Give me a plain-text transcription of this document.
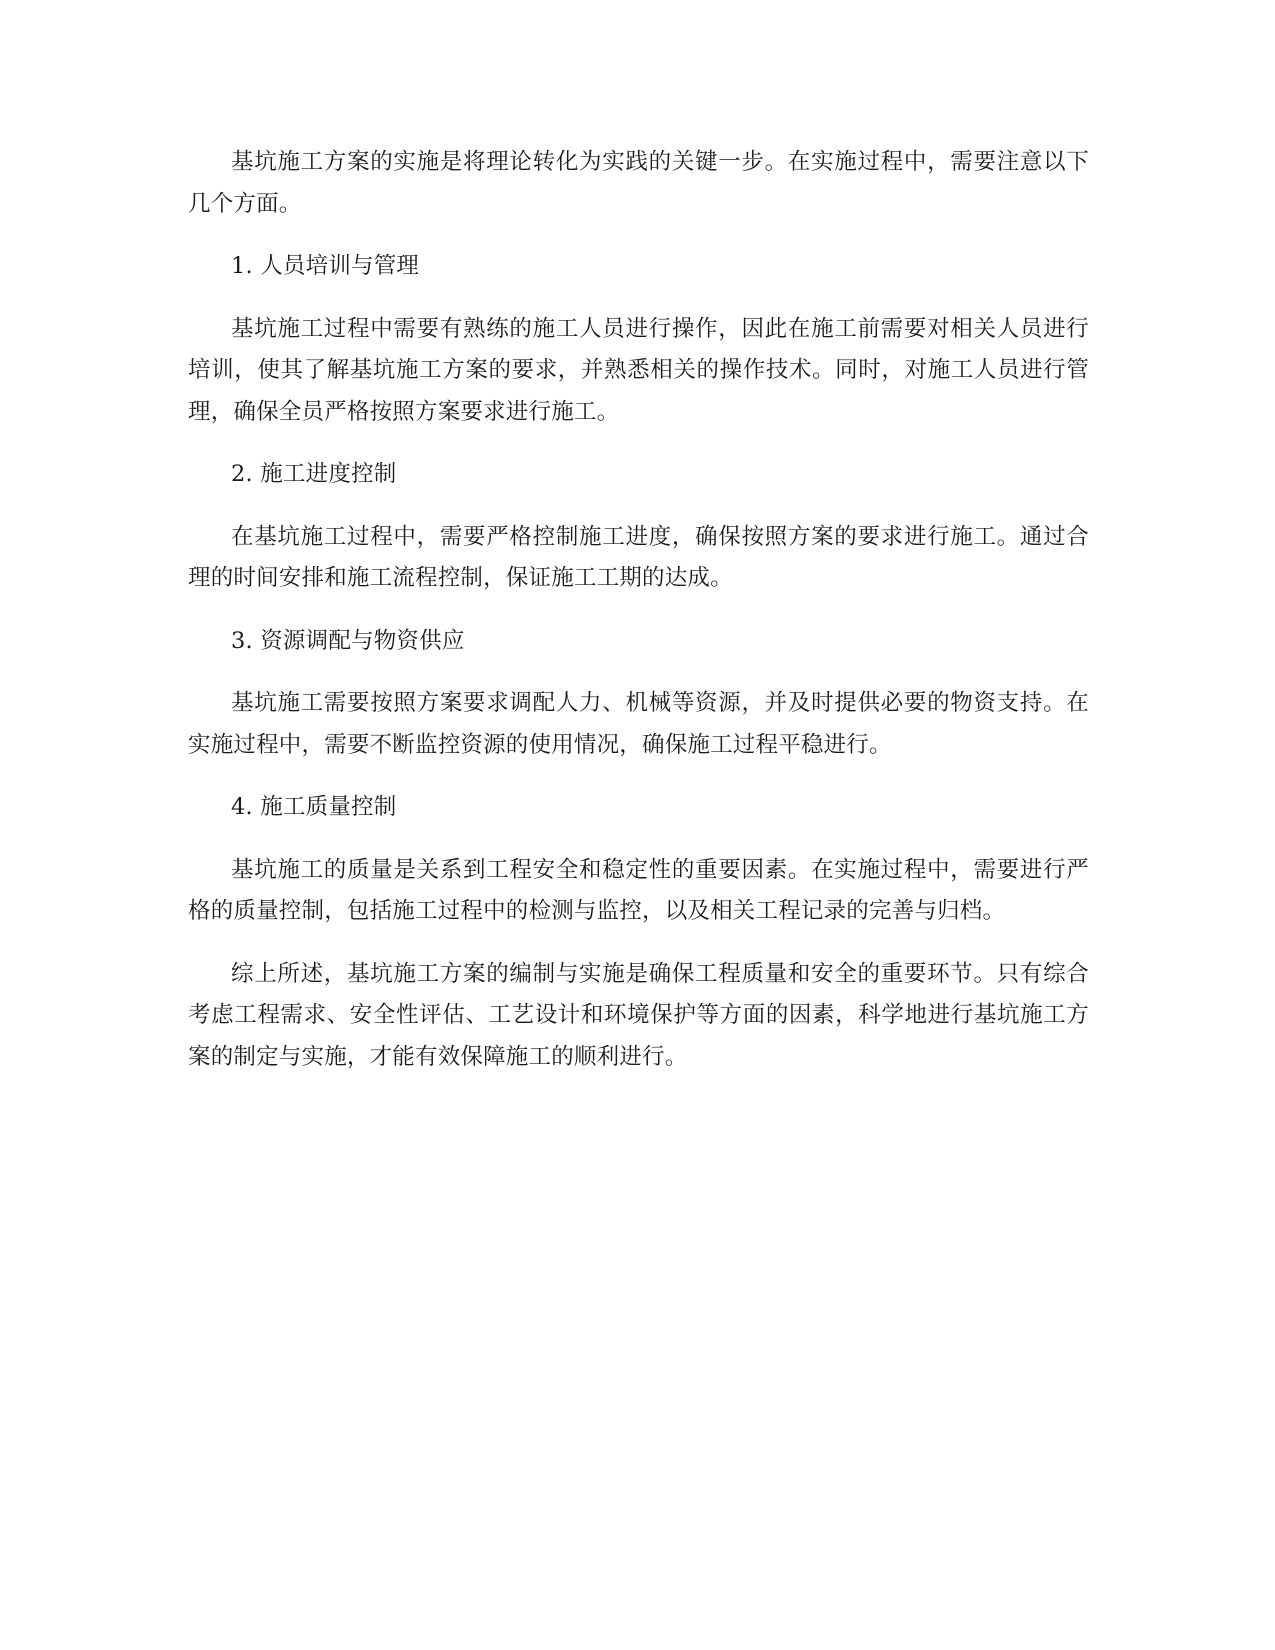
基坑施工方案的实施是将理论转化为实践的关键一步。在实施过程中，需要注意以下几个方面。

1. 人员培训与管理

基坑施工过程中需要有熟练的施工人员进行操作，因此在施工前需要对相关人员进行培训，使其了解基坑施工方案的要求，并熟悉相关的操作技术。同时，对施工人员进行管理，确保全员严格按照方案要求进行施工。

2. 施工进度控制

在基坑施工过程中，需要严格控制施工进度，确保按照方案的要求进行施工。通过合理的时间安排和施工流程控制，保证施工工期的达成。

3. 资源调配与物资供应

基坑施工需要按照方案要求调配人力、机械等资源，并及时提供必要的物资支持。在实施过程中，需要不断监控资源的使用情况，确保施工过程平稳进行。

4. 施工质量控制

基坑施工的质量是关系到工程安全和稳定性的重要因素。在实施过程中，需要进行严格的质量控制，包括施工过程中的检测与监控，以及相关工程记录的完善与归档。

综上所述，基坑施工方案的编制与实施是确保工程质量和安全的重要环节。只有综合考虑工程需求、安全性评估、工艺设计和环境保护等方面的因素，科学地进行基坑施工方案的制定与实施，才能有效保障施工的顺利进行。
